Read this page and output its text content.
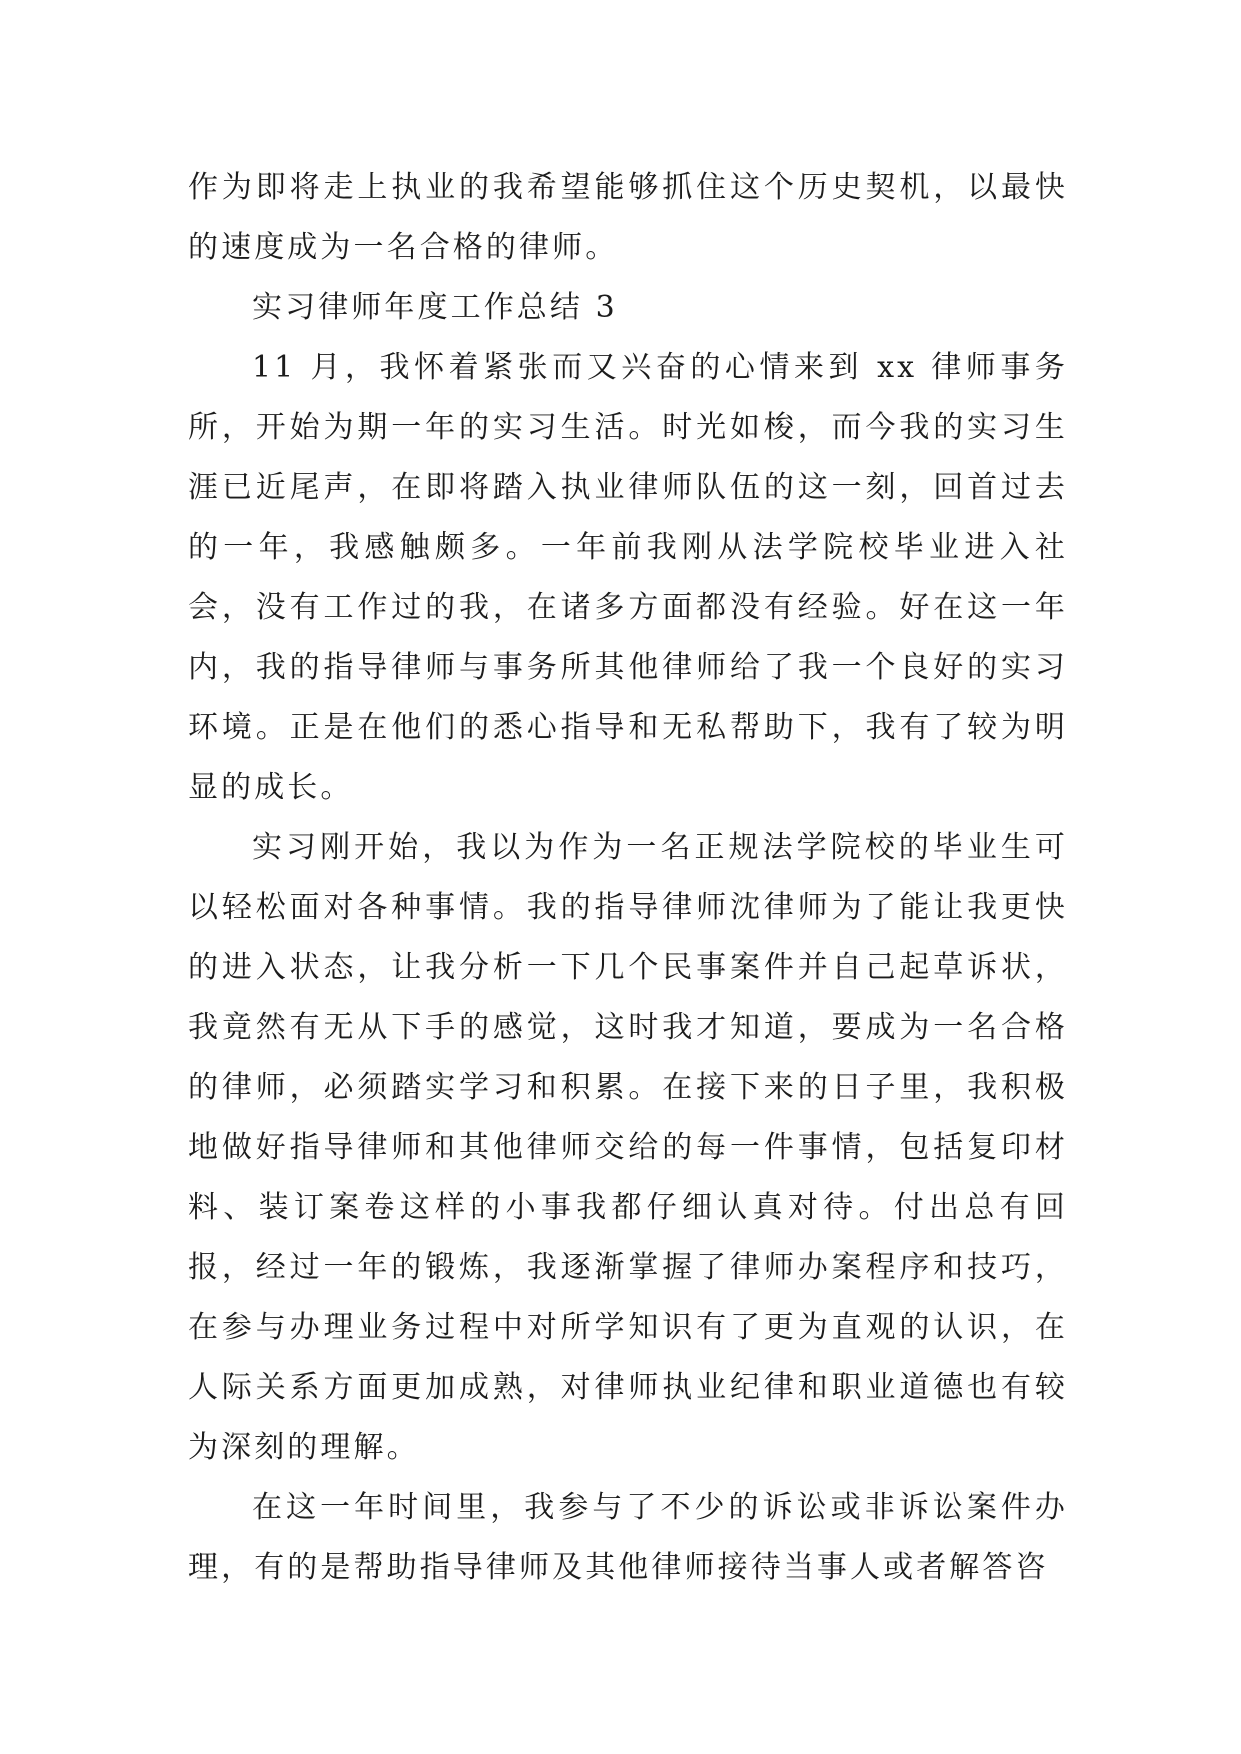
作为即将走上执业的我希望能够抓住这个历史契机，以最快的速度成为一名合格的律师。

实习律师年度工作总结 3

11 月，我怀着紧张而又兴奋的心情来到 xx 律师事务所，开始为期一年的实习生活。时光如梭，而今我的实习生涯已近尾声，在即将踏入执业律师队伍的这一刻，回首过去的一年，我感触颇多。一年前我刚从法学院校毕业进入社会，没有工作过的我，在诸多方面都没有经验。好在这一年内，我的指导律师与事务所其他律师给了我一个良好的实习环境。正是在他们的悉心指导和无私帮助下，我有了较为明显的成长。

实习刚开始，我以为作为一名正规法学院校的毕业生可以轻松面对各种事情。我的指导律师沈律师为了能让我更快的进入状态，让我分析一下几个民事案件并自己起草诉状，我竟然有无从下手的感觉，这时我才知道，要成为一名合格的律师，必须踏实学习和积累。在接下来的日子里，我积极地做好指导律师和其他律师交给的每一件事情，包括复印材料、装订案卷这样的小事我都仔细认真对待。付出总有回报，经过一年的锻炼，我逐渐掌握了律师办案程序和技巧，在参与办理业务过程中对所学知识有了更为直观的认识，在人际关系方面更加成熟，对律师执业纪律和职业道德也有较为深刻的理解。

在这一年时间里，我参与了不少的诉讼或非诉讼案件办理，有的是帮助指导律师及其他律师接待当事人或者解答咨
